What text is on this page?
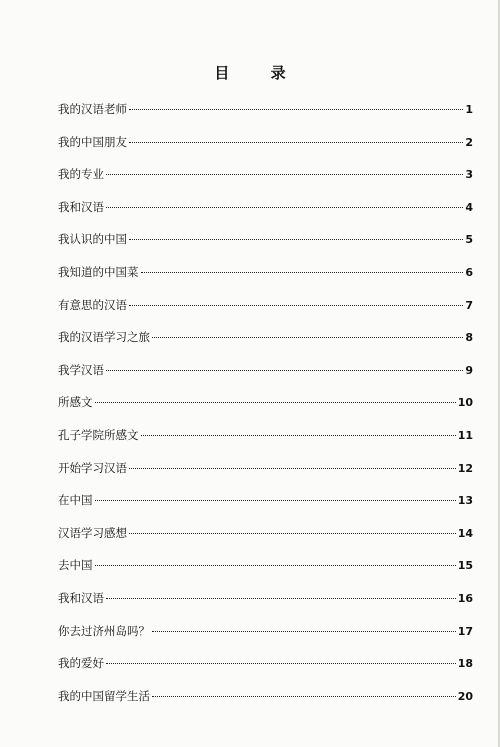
目 录
我的汉语老师	1
我的中国朋友	2
我的专业	3
我和汉语	4
我认识的中国	5
我知道的中国菜	6
有意思的汉语	7
我的汉语学习之旅	8
我学汉语	9
所感文	10
孔子学院所感文	11
开始学习汉语	12
在中国	13
汉语学习感想	14
去中国	15
我和汉语	16
你去过济州岛吗？	17
我的爱好	18
我的中国留学生活	20
